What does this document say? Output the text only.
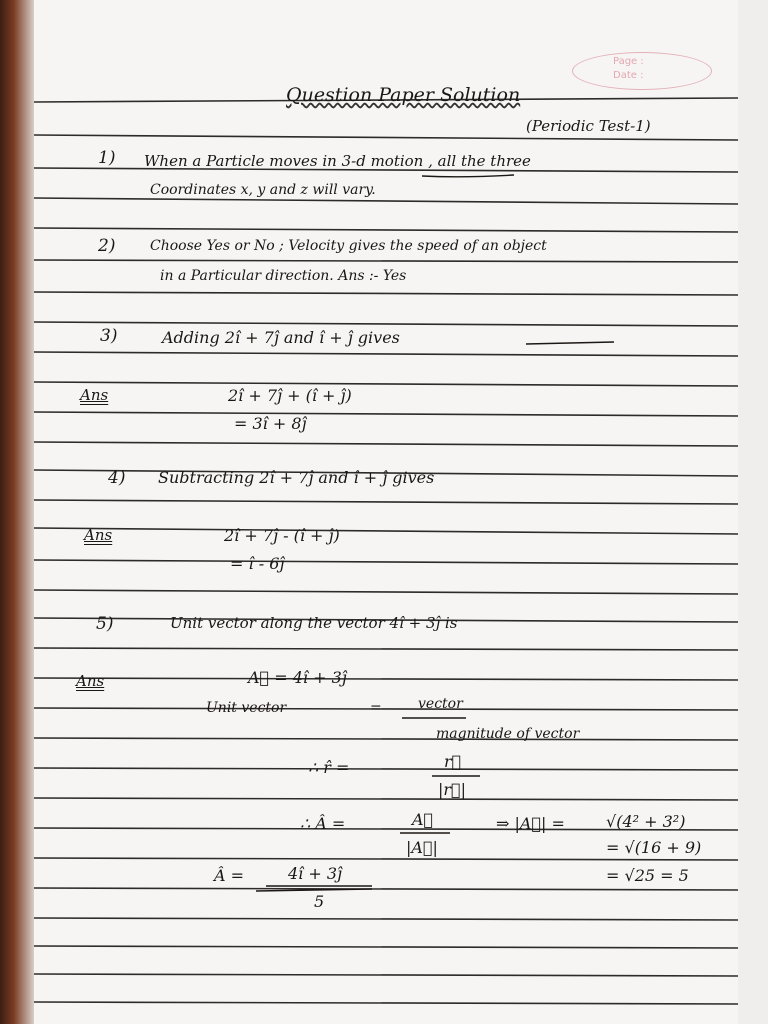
Page :
Date :
Question Paper Solution
(Periodic Test-1)
1) When a Particle moves in 3-d motion , all the three
Coordinates x, y and z will vary.
2) Choose Yes or No ; Velocity gives the speed of an object
in a Particular direction. Ans :- Yes
3)	Adding 2î + 7ĵ and î + ĵ gives
Ans	2î + 7ĵ + (î + ĵ)
= 3î + 8ĵ
4) Subtracting 2î + 7ĵ and î + ĵ gives
Ans	2î + 7ĵ - (î + ĵ)
= î - 6ĵ
5)	Unit vector along the vector 4î + 3ĵ is
Ans	A⃗ = 4î + 3ĵ
Unit vector	=	vector
magnitude of vector
∴ r̂ =	r⃗
|r⃗|
∴ Â =	A⃗
|A⃗|
⇒ |A⃗| =	√(4² + 3²)
= √(16 + 9)
= √25 = 5
Â =	4î + 3ĵ
5
